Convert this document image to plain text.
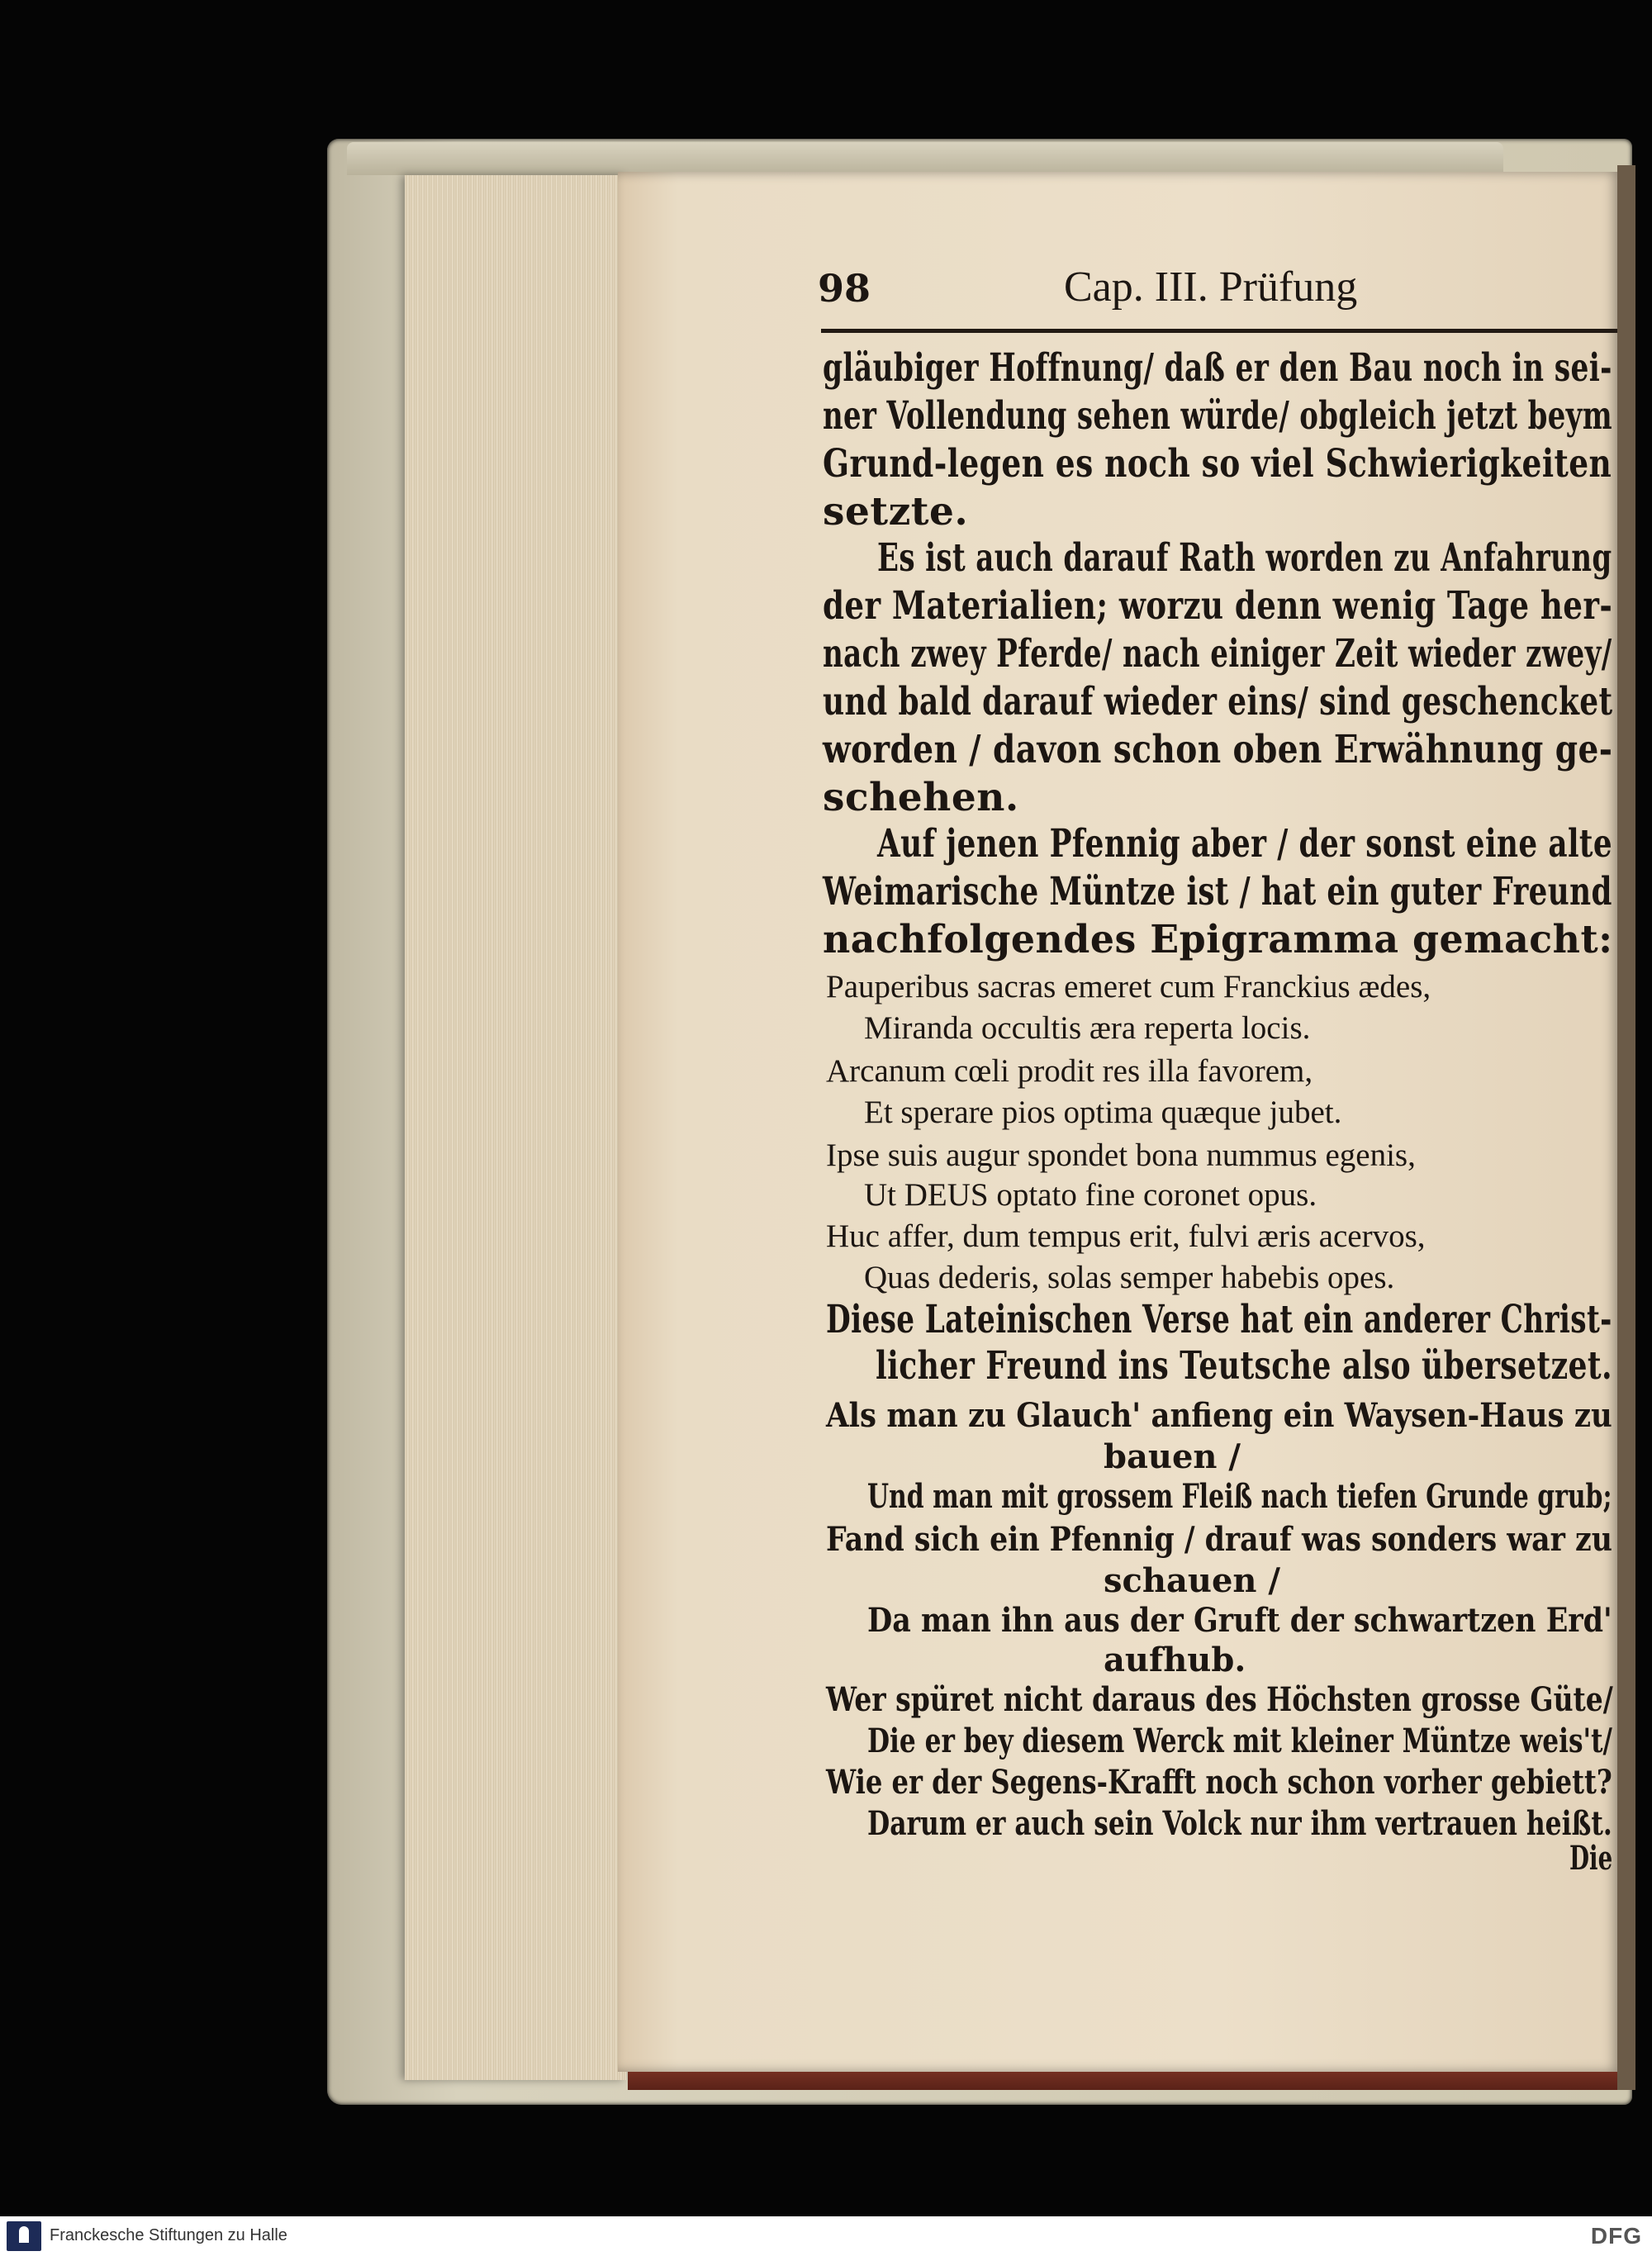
98	Cap. III. Prüfung
gläubiger Hoffnung/ daß er den Bau noch in sei-
ner Vollendung sehen würde/ obgleich jetzt beym
Grund-legen es noch so viel Schwierigkeiten
setzte.
Es ist auch darauf Rath worden zu Anfahrung
der Materialien; worzu denn wenig Tage her-
nach zwey Pferde/ nach einiger Zeit wieder zwey/
und bald darauf wieder eins/ sind geschencket
worden / davon schon oben Erwähnung ge-
schehen.
Auf jenen Pfennig aber / der sonst eine alte
Weimarische Müntze ist / hat ein guter Freund
nachfolgendes Epigramma gemacht:
Pauperibus sacras emeret cum Franckius ædes,
Miranda occultis æra reperta locis.
Arcanum cœli prodit res illa favorem,
Et sperare pios optima quæque jubet.
Ipse suis augur spondet bona nummus egenis,
Ut DEUS optato fine coronet opus.
Huc affer, dum tempus erit, fulvi æris acervos,
Quas dederis, solas semper habebis opes.
Diese Lateinischen Verse hat ein anderer Christ-
licher Freund ins Teutsche also übersetzet.
Als man zu Glauch' anfieng ein Waysen-Haus zu
bauen /
Und man mit grossem Fleiß nach tiefen Grunde grub;
Fand sich ein Pfennig / drauf was sonders war zu
schauen /
Da man ihn aus der Gruft der schwartzen Erd'
aufhub.
Wer spüret nicht daraus des Höchsten grosse Güte/
Die er bey diesem Werck mit kleiner Müntze weis't/
Wie er der Segens-Krafft noch schon vorher gebiett?
Darum er auch sein Volck nur ihm vertrauen heißt.
Die
Franckesche Stiftungen zu Halle	DFG
